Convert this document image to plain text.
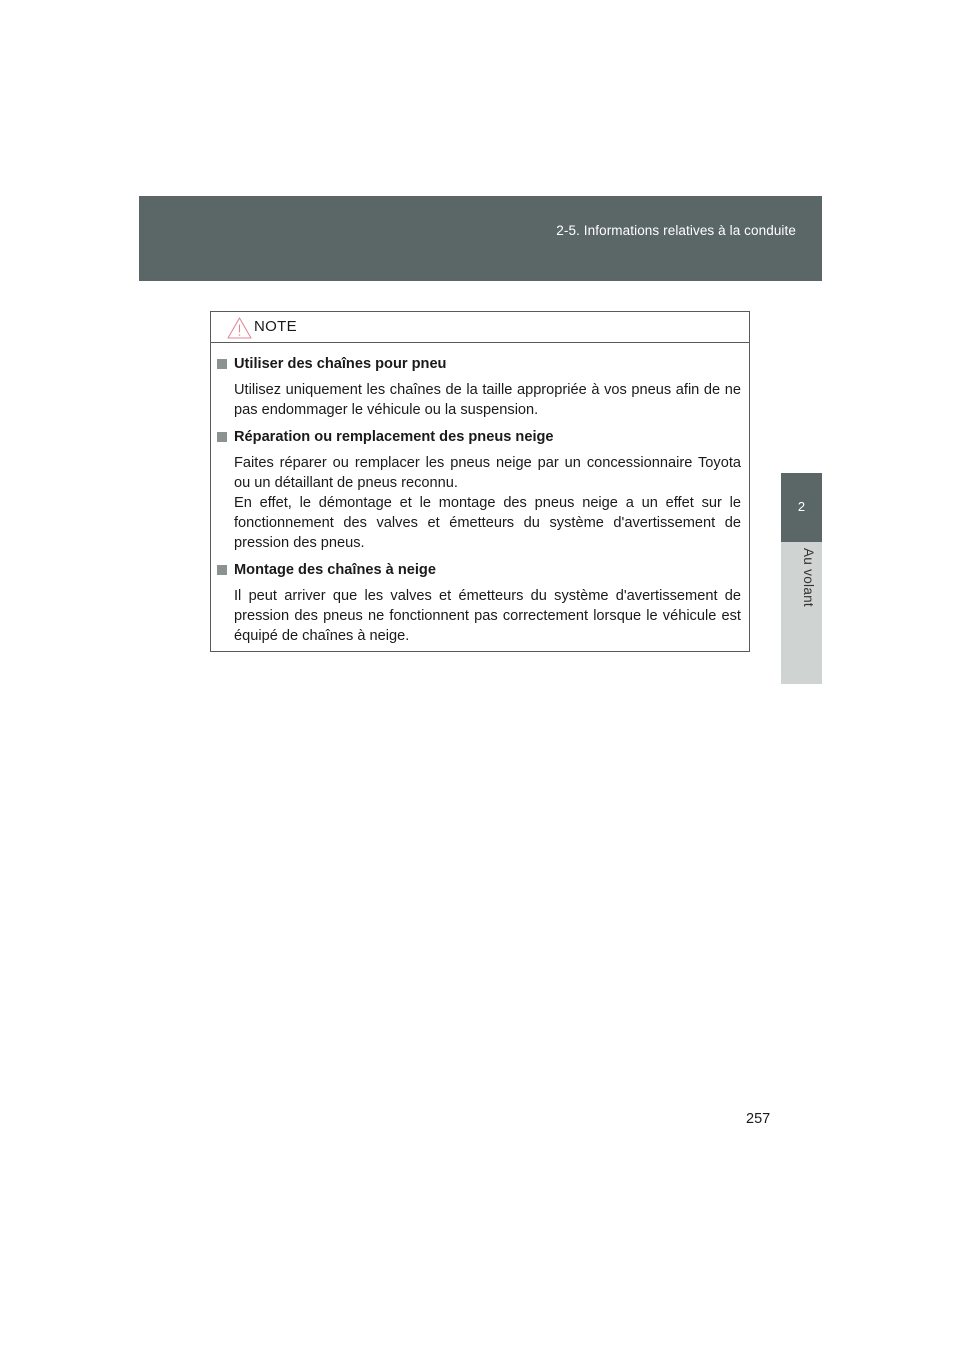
2-5. Informations relatives à la conduite
2
Au volant
NOTE
Utiliser des chaînes pour pneu
Utilisez uniquement les chaînes de la taille appropriée à vos pneus afin de ne pas endommager le véhicule ou la suspension.
Réparation ou remplacement des pneus neige
Faites réparer ou remplacer les pneus neige par un concessionnaire Toyota ou un détaillant de pneus reconnu.
En effet, le démontage et le montage des pneus neige a un effet sur le fonctionnement des valves et émetteurs du système d'avertissement de pression des pneus.
Montage des chaînes à neige
Il peut arriver que les valves et émetteurs du système d'avertissement de pression des pneus ne fonctionnent pas correctement lorsque le véhicule est équipé de chaînes à neige.
257
